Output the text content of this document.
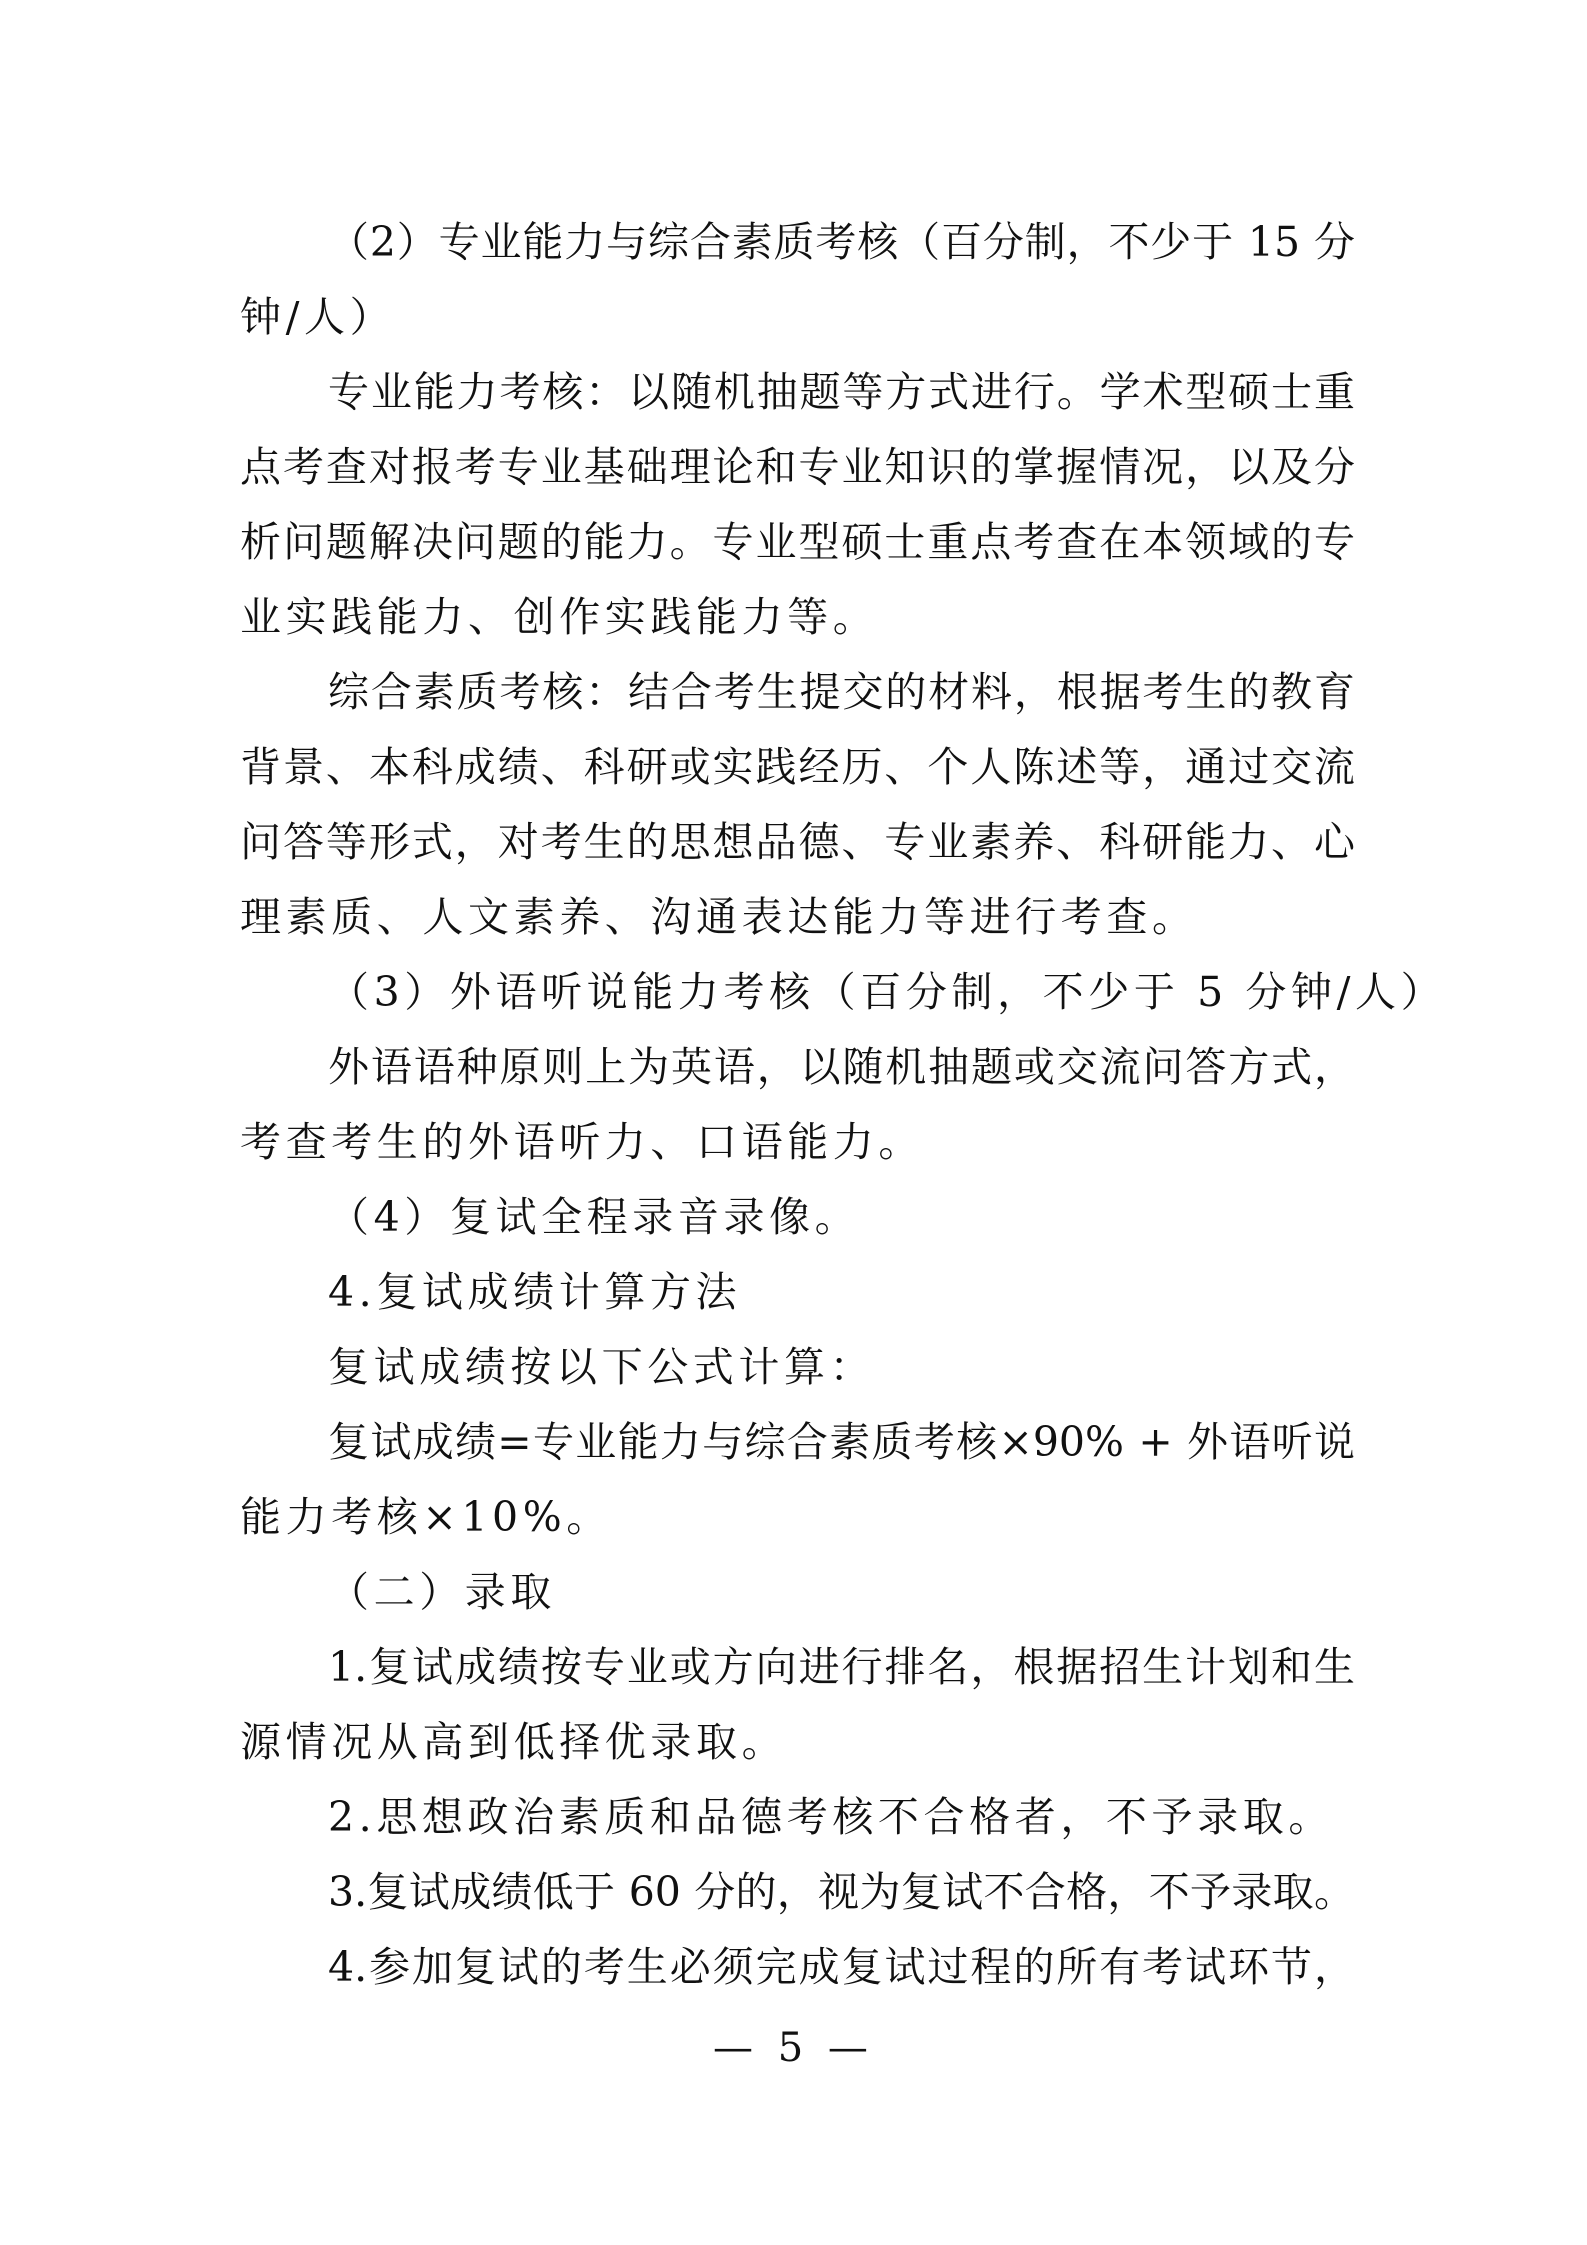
（2）专业能力与综合素质考核（百分制，不少于 15 分
钟/人）
专业能力考核：以随机抽题等方式进行。学术型硕士重
点考查对报考专业基础理论和专业知识的掌握情况，以及分
析问题解决问题的能力。专业型硕士重点考查在本领域的专
业实践能力、创作实践能力等。
综合素质考核：结合考生提交的材料，根据考生的教育
背景、本科成绩、科研或实践经历、个人陈述等，通过交流
问答等形式，对考生的思想品德、专业素养、科研能力、心
理素质、人文素养、沟通表达能力等进行考查。
（3）外语听说能力考核（百分制，不少于 5 分钟/人）
外语语种原则上为英语，以随机抽题或交流问答方式，
考查考生的外语听力、口语能力。
（4）复试全程录音录像。
4.复试成绩计算方法
复试成绩按以下公式计算：
复试成绩=专业能力与综合素质考核×90% + 外语听说
能力考核×10%。
（二）录取
1.复试成绩按专业或方向进行排名，根据招生计划和生
源情况从高到低择优录取。
2.思想政治素质和品德考核不合格者，不予录取。
3.复试成绩低于 60 分的，视为复试不合格，不予录取。
4.参加复试的考生必须完成复试过程的所有考试环节，
— 5 —
